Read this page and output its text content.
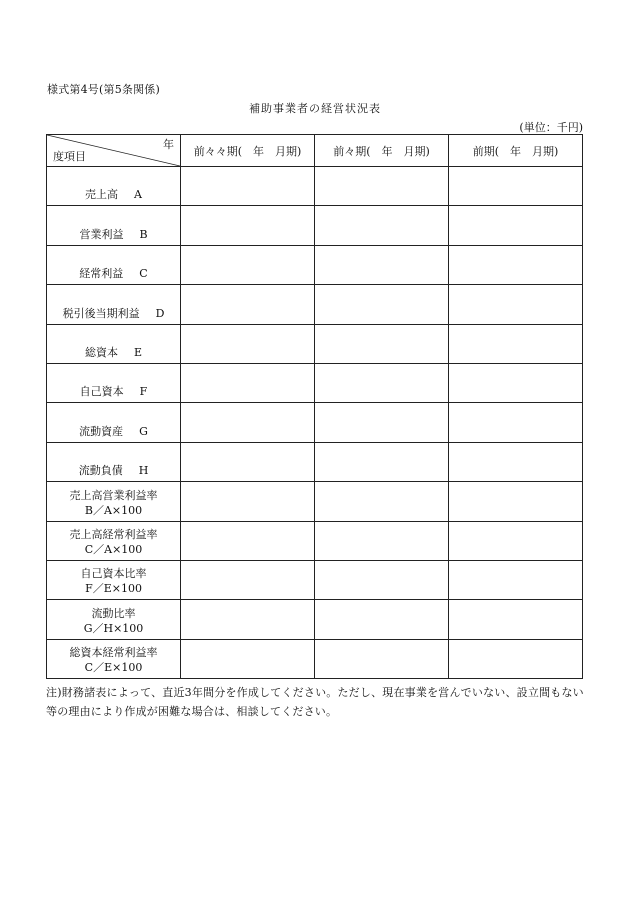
様式第4号(第5条関係)
補助事業者の経営状況表
(単位：千円)
年
度項目	前々々期(　年　月期)	前々期(　年　月期)	前期(　年　月期)
売上高 A			
営業利益 B			
経常利益 C			
税引後当期利益 D			
総資本 E			
自己資本 F			
流動資産 G			
流動負債 H			

売上高営業利益率
B／A×100			

売上高経常利益率
C／A×100			

自己資本比率
F／E×100			

流動比率
G／H×100			

総資本経常利益率
C／E×100			

注)財務諸表によって、直近3年間分を作成してください。ただし、現在事業を営んでいない、設立間もない等の理由により作成が困難な場合は、相談してください。
